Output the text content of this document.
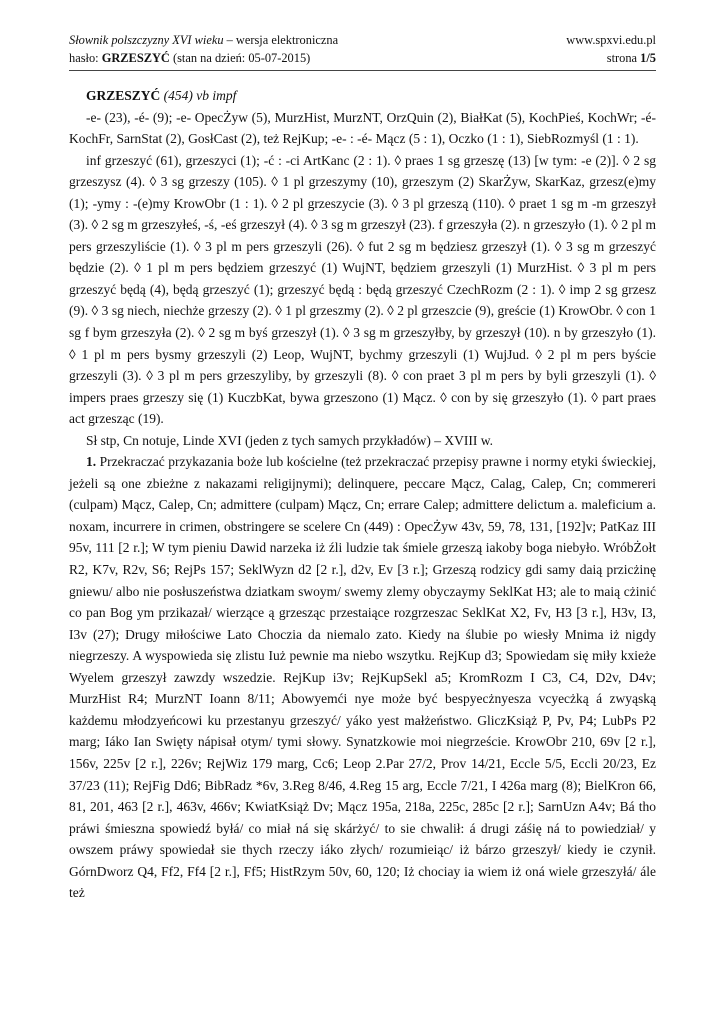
Słownik polszczyzny XVI wieku – wersja elektroniczna	www.spxvi.edu.pl
hasło: GRZESZYĆ (stan na dzień: 05-07-2015)	strona 1/5

GRZESZYĆ (454) vb impf

-e- (23), -é- (9); -e- OpecŻyw (5), MurzHist, MurzNT, OrzQuin (2), BiałKat (5), KochPieś, KochWr; -é- KochFr, SarnStat (2), GosłCast (2), też RejKup; -e- : -é- Mącz (5 : 1), Oczko (1 : 1), SiebRozmyśl (1 : 1).

inf grzeszyć (61), grzeszyci (1); -ć : -ci ArtKanc (2 : 1). ◊ praes 1 sg grzeszę (13) [w tym: -e (2)]. ◊ 2 sg grzeszysz (4). ◊ 3 sg grzeszy (105). ◊ 1 pl grzeszymy (10), grzeszym (2) SkarŻyw, SkarKaz, grzesz(e)my (1); -ymy : -(e)my KrowObr (1 : 1). ◊ 2 pl grzeszycie (3). ◊ 3 pl grzeszą (110). ◊ praet 1 sg m -m grzeszył (3). ◊ 2 sg m grzeszyłeś, -ś, -eś grzeszył (4). ◊ 3 sg m grzeszył (23). f grzeszyła (2). n grzeszyło (1). ◊ 2 pl m pers grzeszyliście (1). ◊ 3 pl m pers grzeszyli (26). ◊ fut 2 sg m będziesz grzeszył (1). ◊ 3 sg m grzeszyć będzie (2). ◊ 1 pl m pers będziem grzeszyć (1) WujNT, będziem grzeszyli (1) MurzHist. ◊ 3 pl m pers grzeszyć będą (4), będą grzeszyć (1); grzeszyć będą : będą grzeszyć CzechRozm (2 : 1). ◊ imp 2 sg grzesz (9). ◊ 3 sg niech, niechże grzeszy (2). ◊ 1 pl grzeszmy (2). ◊ 2 pl grzeszcie (9), greście (1) KrowObr. ◊ con 1 sg f bym grzeszyła (2). ◊ 2 sg m byś grzeszył (1). ◊ 3 sg m grzeszyłby, by grzeszył (10). n by grzeszyło (1). ◊ 1 pl m pers bysmy grzeszyli (2) Leop, WujNT, bychmy grzeszyli (1) WujJud. ◊ 2 pl m pers byście grzeszyli (3). ◊ 3 pl m pers grzeszyliby, by grzeszyli (8). ◊ con praet 3 pl m pers by byli grzeszyli (1). ◊ impers praes grzeszy się (1) KuczbKat, bywa grzeszono (1) Mącz. ◊ con by się grzeszyło (1). ◊ part praes act grzesząc (19).

Sł stp, Cn notuje, Linde XVI (jeden z tych samych przykładów) – XVIII w.

1. Przekraczać przykazania boże lub kościelne (też przekraczać przepisy prawne i normy etyki świeckiej, jeżeli są one zbieżne z nakazami religijnymi); delinquere, peccare Mącz, Calag, Calep, Cn; commereri (culpam) Mącz, Calep, Cn; admittere (culpam) Mącz, Cn; errare Calep; admittere delictum a. maleficium a. noxam, incurrere in crimen, obstringere se scelere Cn (449) : OpecŻyw 43v, 59, 78, 131, [192]v; PatKaz III 95v, 111 [2 r.]; W tym pieniu Dawid narzeka iż źli ludzie tak śmiele grzeszą iakoby boga niebyło. WróbŻołt R2, K7v, R2v, S6; RejPs 157; SeklWyzn d2 [2 r.], d2v, Ev [3 r.]; Grzeszą rodzicy gdi samy daią przicżinę gniewu/ albo nie posłuszeństwa dziatkam swoym/ swemy zlemy obyczaymy SeklKat H3; ale to maią cżinić co pan Bog ym przikazał/ wierzące ą grzesząc przestaiące rozgrzeszac SeklKat X2, Fv, H3 [3 r.], H3v, I3, I3v (27); Drugy miłościwe Lato Choczia da niemalo zato. Kiedy na ślubie po wiesły Mnima iż nigdy niegrzeszy. A wyspowieda się zlistu Iuż pewnie ma niebo wszytku. RejKup d3; Spowiedam się miły kxieże Wyelem grzeszył zawzdy wszedzie. RejKup i3v; RejKupSekl a5; KromRozm I C3, C4, D2v, D4v; MurzHist R4; MurzNT Ioann 8/11; Abowyemći nye może być bespyecżnyesza vcyecżką á zwyąską każdemu młodzyeńcowi ku przestanyu grzeszyć/ yáko yest małżeństwo. GliczKsiąż P, Pv, P4; LubPs P2 marg; Iáko Ian Swięty nápisał otym/ tymi słowy. Synatzkowie moi niegrzeście. KrowObr 210, 69v [2 r.], 156v, 225v [2 r.], 226v; RejWiz 179 marg, Cc6; Leop 2.Par 27/2, Prov 14/21, Eccle 5/5, Eccli 20/23, Ez 37/23 (11); RejFig Dd6; BibRadz *6v, 3.Reg 8/46, 4.Reg 15 arg, Eccle 7/21, I 426a marg (8); BielKron 66, 81, 201, 463 [2 r.], 463v, 466v; KwiatKsiąż Dv; Mącz 195a, 218a, 225c, 285c [2 r.]; SarnUzn A4v; Bá tho práwi śmieszna spowiedź byłá/ co miał ná się skárżyć/ to sie chwalił: á drugi záśię ná to powiedział/ y owszem práwy spowiedał sie thych rzeczy iáko złych/ rozumieiąc/ iż bárzo grzeszył/ kiedy ie czynił. GórnDworz Q4, Ff2, Ff4 [2 r.], Ff5; HistRzym 50v, 60, 120; Iż chociay ia wiem iż oná wiele grzeszyłá/ ále też
